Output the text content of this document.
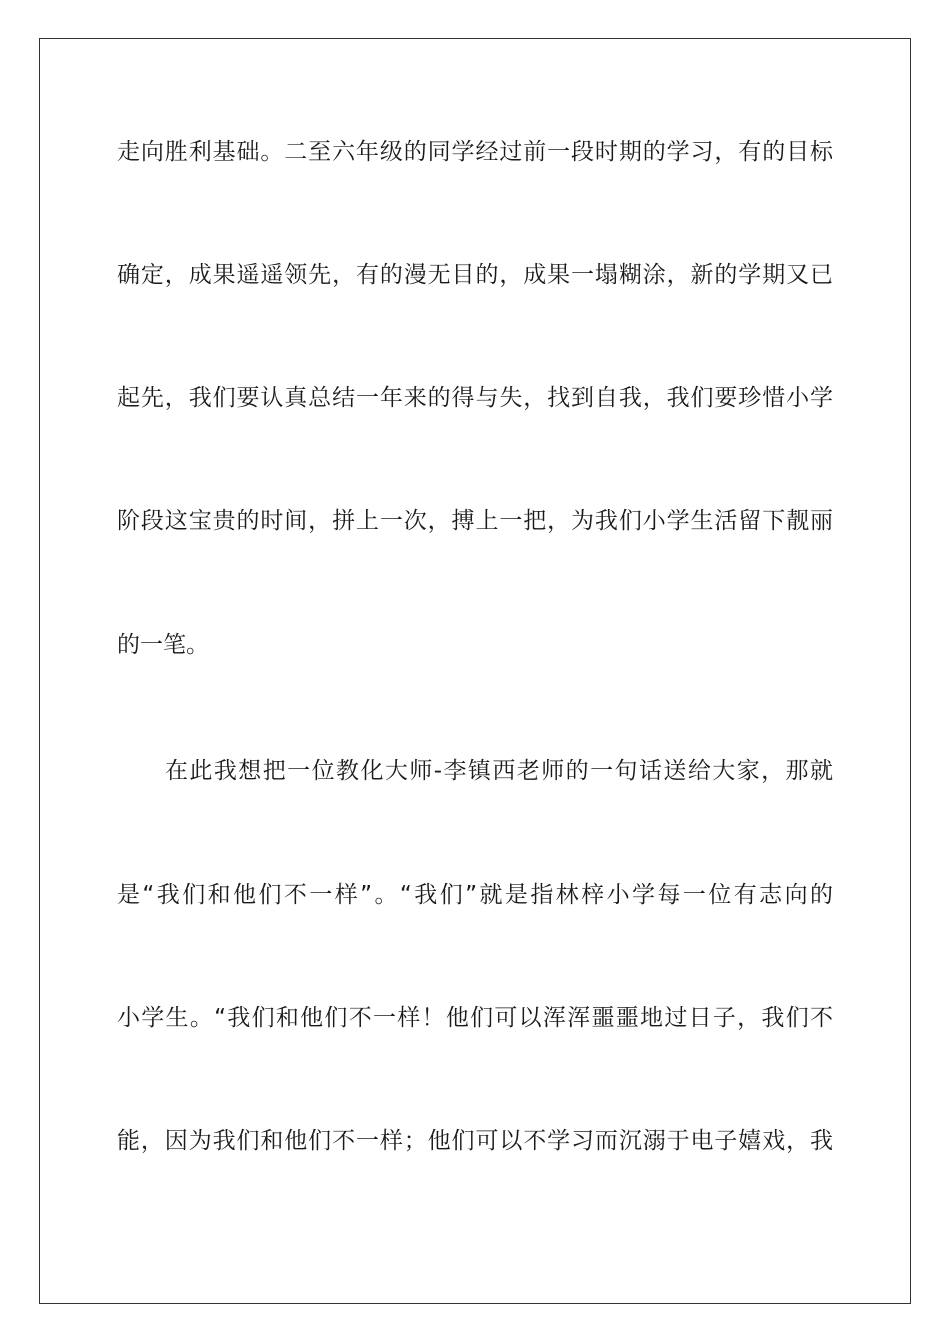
走向胜利基础。二至六年级的同学经过前一段时期的学习，有的目标
确定，成果遥遥领先，有的漫无目的，成果一塌糊涂，新的学期又已
起先，我们要认真总结一年来的得与失，找到自我，我们要珍惜小学
阶段这宝贵的时间，拼上一次，搏上一把，为我们小学生活留下靓丽
的一笔。
在此我想把一位教化大师-李镇西老师的一句话送给大家，那就
是“我们和他们不一样”。“我们”就是指林梓小学每一位有志向的
小学生。“我们和他们不一样！他们可以浑浑噩噩地过日子，我们不
能，因为我们和他们不一样；他们可以不学习而沉溺于电子嬉戏，我
